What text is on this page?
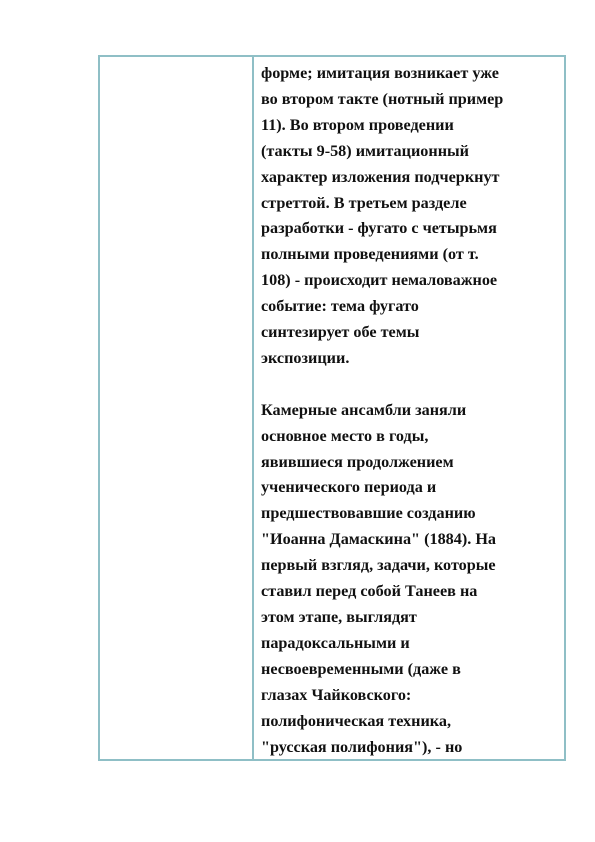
форме; имитация возникает уже
во втором такте (нотный пример
11). Во втором проведении
(такты 9-58) имитационный
характер изложения подчеркнут
стреттой. В третьем разделе
разработки - фугато с четырьмя
полными проведениями (от т.
108) - происходит немаловажное
событие: тема фугато
синтезирует обе темы
экспозиции.
Камерные ансамбли заняли
основное место в годы,
явившиеся продолжением
ученического периода и
предшествовавшие созданию
"Иоанна Дамаскина" (1884). На
первый взгляд, задачи, которые
ставил перед собой Танеев на
этом этапе, выглядят
парадоксальными и
несвоевременными (даже в
глазах Чайковского:
полифоническая техника,
"русская полифония"), - но
